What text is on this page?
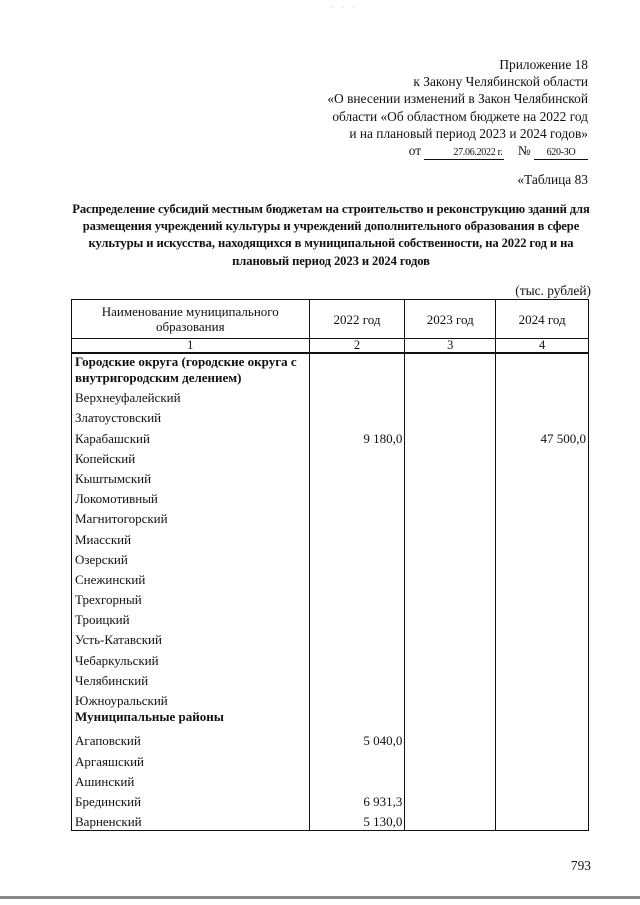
· · ·
Приложение 18
к Закону Челябинской области
«О внесении изменений в Закон Челябинской
области «Об областном бюджете на 2022 год
и на плановый период 2023 и 2024 годов»
от	27.06.2022 г. № 620-ЗО
«Таблица 83
Распределение субсидий местным бюджетам на строительство и реконструкцию зданий для размещения учреждений культуры и учреждений дополнительного образования в сфере культуры и искусства, находящихся в муниципальной собственности, на 2022 год и на плановый период 2023 и 2024 годов
(тыс. рублей)
Наименование муниципального образования	2022 год	2023 год	2024 год
1	2	3	4
Городские округа (городские округа с внутригородским делением)			
Верхнеуфалейский			
Златоустовский			
Карабашский	9 180,0		47 500,0
Копейский			
Кыштымский			
Локомотивный			
Магнитогорский			
Миасский			
Озерский			
Снежинский			
Трехгорный			
Троицкий			
Усть-Катавский			
Чебаркульский			
Челябинский			
Южноуральский			
Муниципальные районы			
Агаповский	5 040,0		
Аргаяшский			
Ашинский			
Брединский	6 931,3		
Варненский	5 130,0		
793
